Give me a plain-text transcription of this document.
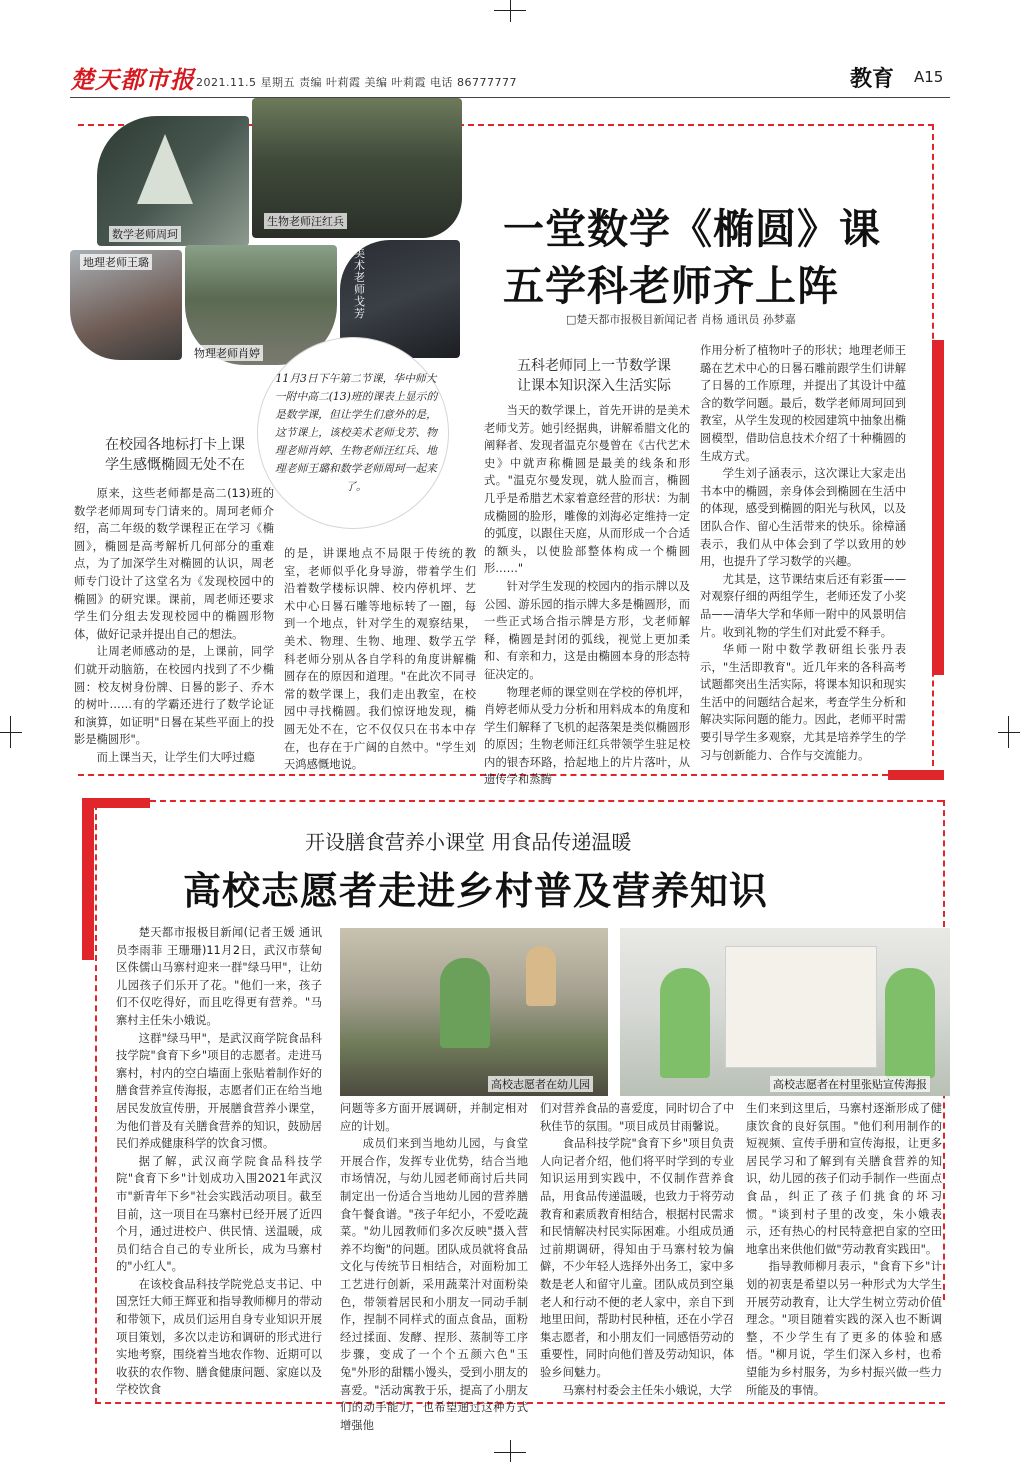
楚天都市报 2021.11.5 星期五 责编 叶莉霞 美编 叶莉霞 电话 86777777	教育 A15
数学老师周珂
生物老师汪红兵
地理老师王璐
美术老师戈芳
物理老师肖婷
一堂数学《椭圆》课
五学科老师齐上阵
□楚天都市报极目新闻记者 肖杨 通讯员 孙梦嘉
11月3日下午第二节课，华中师大一附中高二(13)班的课表上显示的是数学课，但让学生们意外的是，这节课上，该校美术老师戈芳、物理老师肖婷、生物老师汪红兵、地理老师王璐和数学老师周珂一起来了。
在校园各地标打卡上课
学生感慨椭圆无处不在
五科老师同上一节数学课
让课本知识深入生活实际

原来，这些老师都是高二(13)班的数学老师周珂专门请来的。周珂老师介绍，高二年级的数学课程正在学习《椭圆》，椭圆是高考解析几何部分的重难点，为了加深学生对椭圆的认识，周老师专门设计了这堂名为《发现校园中的椭圆》的研究课。课前，周老师还要求学生们分组去发现校园中的椭圆形物体，做好记录并提出自己的想法。

让周老师感动的是，上课前，同学们就开动脑筋，在校园内找到了不少椭圆：校友树身份牌、日晷的影子、乔木的树叶……有的学霸还进行了数学论证和演算，如证明"日晷在某些平面上的投影是椭圆形"。

而上课当天，让学生们大呼过瘾

的是，讲课地点不局限于传统的教室，老师似乎化身导游，带着学生们沿着数学楼标识牌、校内停机坪、艺术中心日晷石雕等地标转了一圈，每到一个地点，针对学生的观察结果，美术、物理、生物、地理、数学五学科老师分别从各自学科的角度讲解椭圆存在的原因和道理。"在此次不同寻常的数学课上，我们走出教室，在校园中寻找椭圆。我们惊讶地发现，椭圆无处不在，它不仅仅只在书本中存在，也存在于广阔的自然中。"学生刘天鸿感慨地说。

当天的数学课上，首先开讲的是美术老师戈芳。她引经据典，讲解希腊文化的阐释者、发现者温克尔曼曾在《古代艺术史》中就声称椭圆是最美的线条和形式。"温克尔曼发现，就人脸而言，椭圆几乎是希腊艺术家着意经营的形状：为制成椭圆的脸形，雕像的刘海必定维持一定的弧度，以跟住天庭，从而形成一个合适的额头，以使脸部整体构成一个椭圆形……"

针对学生发现的校园内的指示牌以及公园、游乐园的指示牌大多是椭圆形，而一些正式场合指示牌是方形，戈老师解释，椭圆是封闭的弧线，视觉上更加柔和、有亲和力，这是由椭圆本身的形态特征决定的。

物理老师的课堂则在学校的停机坪，肖婷老师从受力分析和用料成本的角度和学生们解释了飞机的起落架是类似椭圆形的原因；生物老师汪红兵带领学生驻足校内的银杏环路，拾起地上的片片落叶，从遗传学和蒸腾

作用分析了植物叶子的形状；地理老师王璐在艺术中心的日晷石雕前跟学生们讲解了日晷的工作原理，并提出了其设计中蕴含的数学问题。最后，数学老师周珂回到教室，从学生发现的校园建筑中抽象出椭圆模型，借助信息技术介绍了十种椭圆的生成方式。

学生刘子涵表示，这次课让大家走出书本中的椭圆，亲身体会到椭圆在生活中的体现，感受到椭圆的阳光与秋风，以及团队合作、留心生活带来的快乐。徐樟涵表示，我们从中体会到了学以致用的妙用，也提升了学习数学的兴趣。

尤其是，这节课结束后还有彩蛋——对观察仔细的两组学生，老师还发了小奖品——清华大学和华师一附中的风景明信片。收到礼物的学生们对此爱不释手。

华师一附中数学教研组长张丹表示，"生活即教育"。近几年来的各科高考试题都突出生活实际，将课本知识和现实生活中的问题结合起来，考查学生分析和解决实际问题的能力。因此，老师平时需要引导学生多观察，尤其是培养学生的学习与创新能力、合作与交流能力。

开设膳食营养小课堂 用食品传递温暖
高校志愿者走进乡村普及营养知识
高校志愿者在幼儿园	高校志愿者在村里张贴宣传海报

楚天都市报极目新闻(记者王媛 通讯员李雨菲 王珊珊)11月2日，武汉市蔡甸区侏儒山马寨村迎来一群"绿马甲"，让幼儿园孩子们乐开了花。"他们一来，孩子们不仅吃得好，而且吃得更有营养。"马寨村主任朱小娥说。

这群"绿马甲"，是武汉商学院食品科技学院"食育下乡"项目的志愿者。走进马寨村，村内的空白墙面上张贴着制作好的膳食营养宣传海报，志愿者们正在给当地居民发放宣传册，开展膳食营养小课堂，为他们普及有关膳食营养的知识，鼓励居民们养成健康科学的饮食习惯。

据了解，武汉商学院食品科技学院"食育下乡"计划成功入围2021年武汉市"新青年下乡"社会实践活动项目。截至目前，这一项目在马寨村已经开展了近四个月，通过进校户、供民情、送温暖，成员们结合自己的专业所长，成为马寨村的"小红人"。

在该校食品科技学院党总支书记、中国烹饪大师王辉亚和指导教师柳月的带动和带领下，成员们运用自身专业知识开展项目策划，多次以走访和调研的形式进行实地考察，围绕着当地农作物、近期可以收获的农作物、膳食健康问题、家庭以及学校饮食

问题等多方面开展调研，并制定相对应的计划。

成员们来到当地幼儿园，与食堂开展合作，发挥专业优势，结合当地市场情况，与幼儿园老师商讨后共同制定出一份适合当地幼儿园的营养膳食午餐食谱。"孩子年纪小，不爱吃蔬菜。"幼儿园教师们多次反映"摄入营养不均衡"的问题。团队成员就将食品文化与传统节日相结合，对面粉加工工艺进行创新，采用蔬菜汁对面粉染色，带领着居民和小朋友一同动手制作，捏制不同样式的面点食品，面粉经过揉面、发酵、捏形、蒸制等工序步骤，变成了一个个五颜六色"玉兔"外形的甜糯小馒头，受到小朋友的喜爱。"活动寓教于乐，提高了小朋友们的动手能力，也希望通过这种方式增强他

们对营养食品的喜爱度，同时切合了中秋佳节的氛围。"项目成员甘雨馨说。

食品科技学院"食育下乡"项目负责人向记者介绍，他们将平时学到的专业知识运用到实践中，不仅制作营养食品，用食品传递温暖，也致力于将劳动教育和素质教育相结合，根据村民需求和民情解决村民实际困难。小组成员通过前期调研，得知由于马寨村较为偏僻，不少年轻人选择外出务工，家中多数是老人和留守儿童。团队成员到空巢老人和行动不便的老人家中，亲自下到地里田间，帮助村民种植，还在小学召集志愿者，和小朋友们一同感悟劳动的重要性，同时向他们普及劳动知识，体验乡间魅力。

马寨村村委会主任朱小娥说，大学

生们来到这里后，马寨村逐渐形成了健康饮食的良好氛围。"他们利用制作的短视频、宣传手册和宣传海报，让更多居民学习和了解到有关膳食营养的知识，幼儿园的孩子们动手制作一些面点食品，纠正了孩子们挑食的坏习惯。"谈到村子里的改变，朱小娥表示，还有热心的村民特意把自家的空田地拿出来供他们做"劳动教育实践田"。

指导教师柳月表示，"食育下乡"计划的初衷是希望以另一种形式为大学生开展劳动教育，让大学生树立劳动价值理念。"项目随着实践的深入也不断调整，不少学生有了更多的体验和感悟。"柳月说，学生们深入乡村，也希望能为乡村服务，为乡村振兴做一些力所能及的事情。
